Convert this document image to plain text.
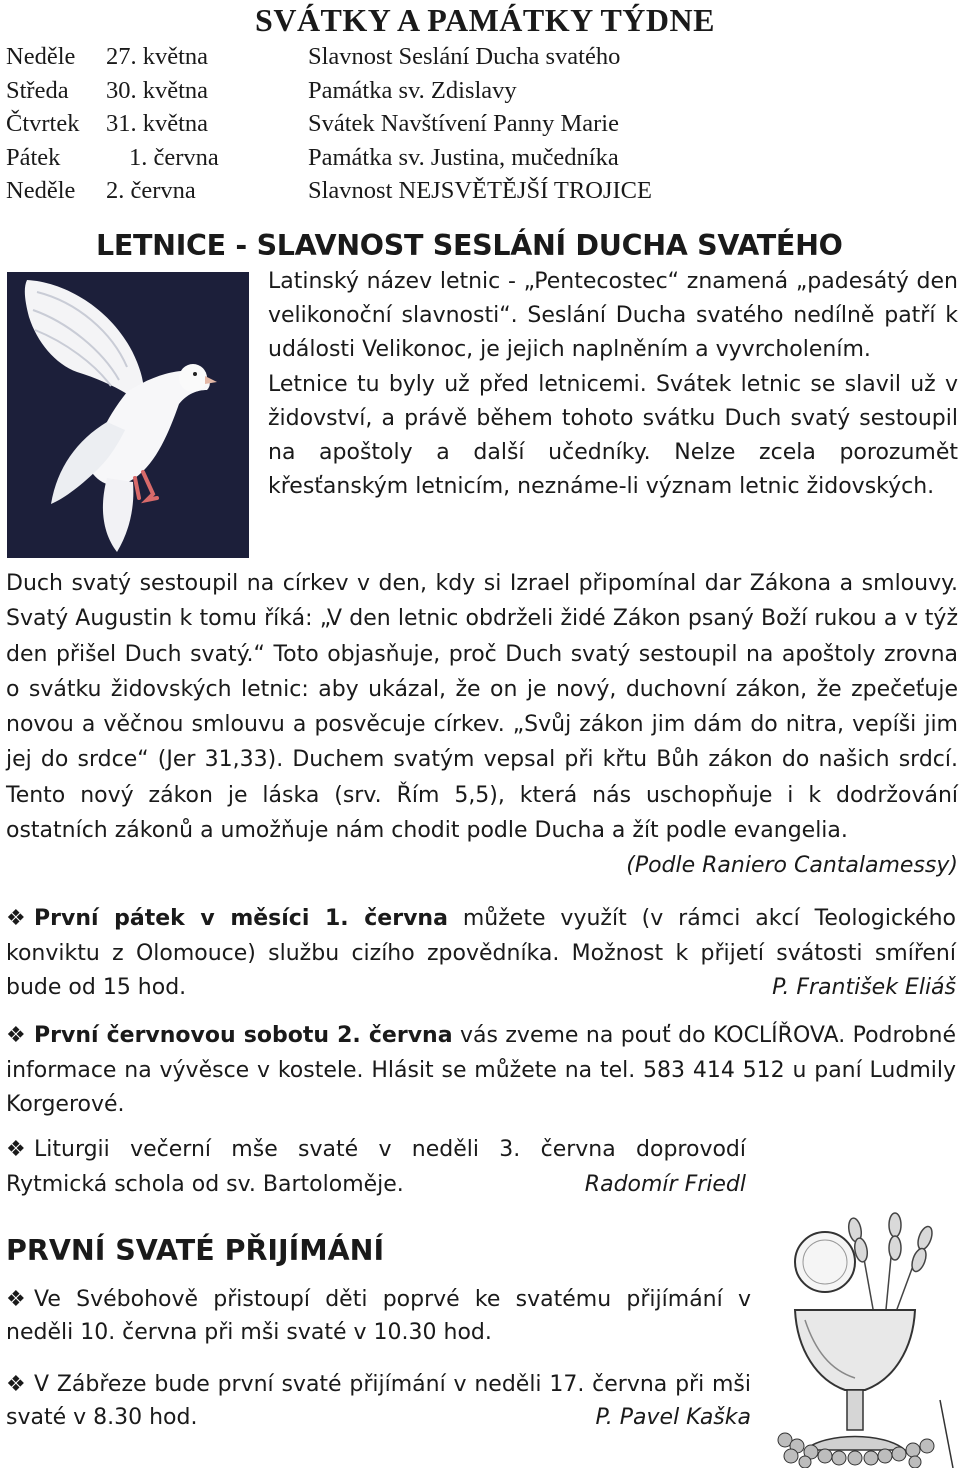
SVÁTKY A PAMÁTKY TÝDNE
Neděle	27. května	Slavnost Seslání Ducha svatého
Středa	30. května	Památka sv. Zdislavy
Čtvrtek	31. května	Svátek Navštívení Panny Marie
Pátek	1. června	Památka sv. Justina, mučedníka
Neděle	2. června	Slavnost NEJSVĚTĚJŠÍ TROJICE
LETNICE - SLAVNOST SESLÁNÍ DUCHA SVATÉHO

Latinský název letnic - „Pentecostec“ znamená „padesátý den velikonoční slavnosti“. Seslání Ducha svatého nedílně patří k události Velikonoc, je jejich naplněním a vyvrcholením.

Letnice tu byly už před letnicemi. Svátek letnic se slavil už v židovství, a právě během tohoto svátku Duch svatý sestoupil na apoštoly a další učedníky. Nelze zcela porozumět křesťanským letnicím, neznáme-li význam letnic židovských.

Duch svatý sestoupil na církev v den, kdy si Izrael připomínal dar Zákona a smlouvy. Svatý Augustin k tomu říká: „V den letnic obdrželi židé Zákon psaný Boží rukou a v týž den přišel Duch svatý.“ Toto objasňuje, proč Duch svatý sestoupil na apoštoly zrovna o svátku židovských letnic: aby ukázal, že on je nový, duchovní zákon, že zpečeťuje novou a věčnou smlouvu a posvěcuje církev. „Svůj zákon jim dám do nitra, vepíši jim jej do srdce“ (Jer 31,33). Duchem svatým vepsal při křtu Bůh zákon do našich srdcí. Tento nový zákon je láska (srv. Řím 5,5), která nás uschopňuje i k dodržování ostatních zákonů a umožňuje nám chodit podle Ducha a žít podle evangelia.
(Podle Raniero Cantalamessy)

❖ První pátek v měsíci 1. června můžete využít (v rámci akcí Teologického konviktu z Olomouce) službu cizího zpovědníka. Možnost k přijetí svátosti smíření bude od 15 hod.	P. František Eliáš

❖ První červnovou sobotu 2. června vás zveme na pouť do KOCLÍŘOVA. Podrobné informace na vývěsce v kostele. Hlásit se můžete na tel. 583 414 512 u paní Ludmily Korgerové.

❖ Liturgii večerní mše svaté v neděli 3. června doprovodí Rytmická schola od sv. Bartoloměje.	Radomír Friedl

PRVNÍ SVATÉ PŘIJÍMÁNÍ

❖ Ve Svébohově přistoupí děti poprvé ke svatému přijímání v neděli 10. června při mši svaté v 10.30 hod.

❖ V Zábřeze bude první svaté přijímání v neděli 17. června při mši svaté v 8.30 hod.	P. Pavel Kaška
